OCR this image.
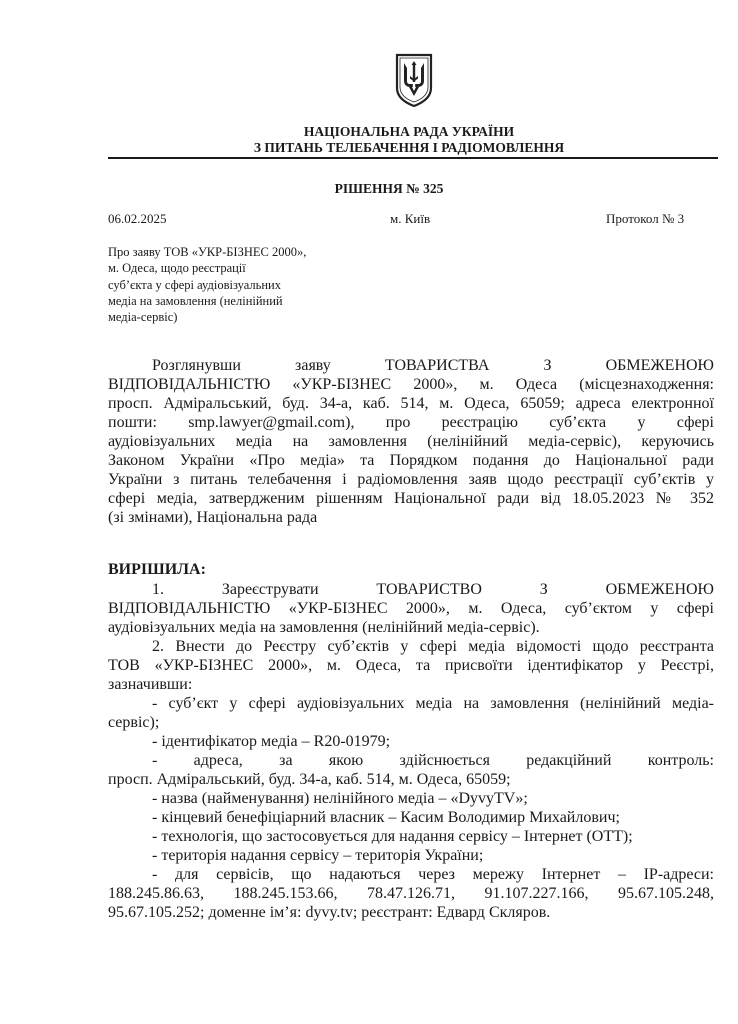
НАЦІОНАЛЬНА РАДА УКРАЇНИ
З ПИТАНЬ ТЕЛЕБАЧЕННЯ І РАДІОМОВЛЕННЯ
РІШЕННЯ № 325
06.02.2025	м. Київ	Протокол № 3
Про заяву ТОВ «УКР-БІЗНЕС 2000»,
м. Одеса, щодо реєстрації
суб’єкта у сфері аудіовізуальних
медіа на замовлення (нелінійний
медіа-сервіс)
Розглянувши заяву ТОВАРИСТВА З ОБМЕЖЕНОЮ
ВІДПОВІДАЛЬНІСТЮ «УКР-БІЗНЕС 2000», м. Одеса (місцезнаходження:
просп. Адміральський, буд. 34-а, каб. 514, м. Одеса, 65059; адреса електронної
пошти: smp.lawyer@gmail.com), про реєстрацію суб’єкта у сфері
аудіовізуальних медіа на замовлення (нелінійний медіа-сервіс), керуючись
Законом України «Про медіа» та Порядком подання до Національної ради
України з питань телебачення і радіомовлення заяв щодо реєстрації суб’єктів у
сфері медіа, затвердженим рішенням Національної ради від 18.05.2023 № 352
(зі змінами), Національна рада
ВИРІШИЛА:
1. Зареєструвати ТОВАРИСТВО З ОБМЕЖЕНОЮ
ВІДПОВІДАЛЬНІСТЮ «УКР-БІЗНЕС 2000», м. Одеса, суб’єктом у сфері
аудіовізуальних медіа на замовлення (нелінійний медіа-сервіс).
2. Внести до Реєстру суб’єктів у сфері медіа відомості щодо реєстранта
ТОВ «УКР-БІЗНЕС 2000», м. Одеса, та присвоїти ідентифікатор у Реєстрі,
зазначивши:
- суб’єкт у сфері аудіовізуальних медіа на замовлення (нелінійний медіа-
сервіс);
- ідентифікатор медіа – R20-01979;
- адреса, за якою здійснюється редакційний контроль:
просп. Адміральський, буд. 34-а, каб. 514, м. Одеса, 65059;
- назва (найменування) нелінійного медіа – «DyvyTV»;
- кінцевий бенефіціарний власник – Касим Володимир Михайлович;
- технологія, що застосовується для надання сервісу – Інтернет (ОТТ);
- територія надання сервісу – територія України;
- для сервісів, що надаються через мережу Інтернет – IP-адреси:
188.245.86.63, 188.245.153.66, 78.47.126.71, 91.107.227.166, 95.67.105.248,
95.67.105.252; доменне ім’я: dyvy.tv; реєстрант: Едвард Скляров.
